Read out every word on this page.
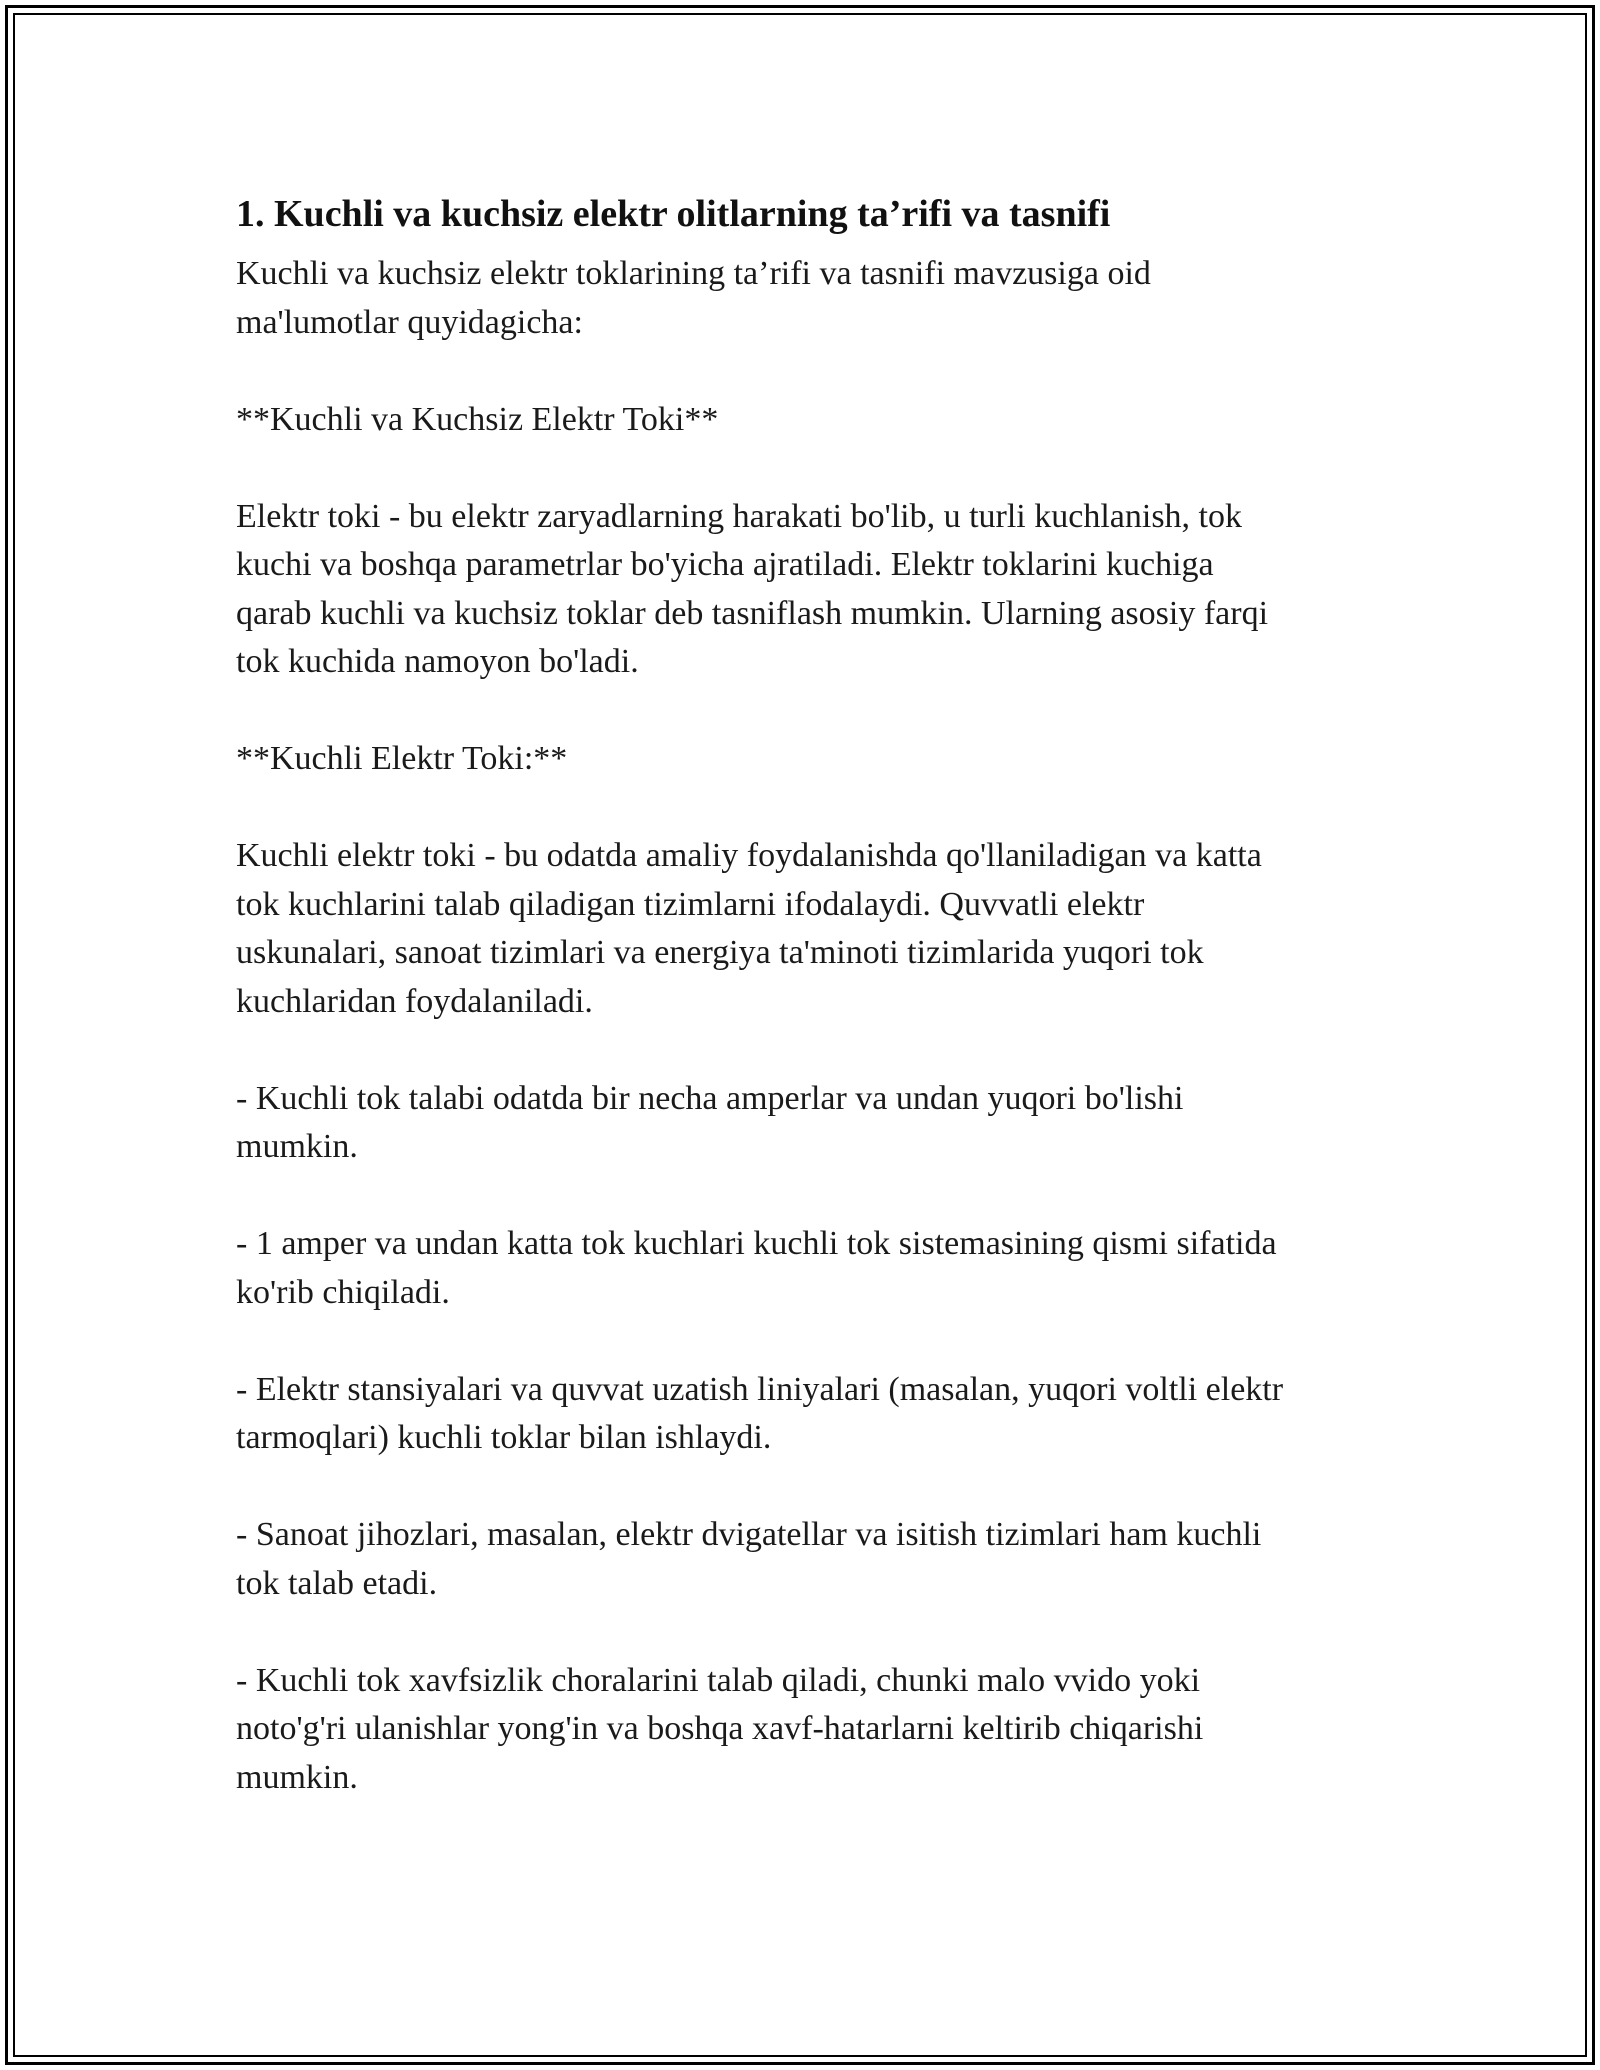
1. Kuchli va kuchsiz elektr olitlarning ta’rifi va tasnifi

Kuchli va kuchsiz elektr toklarining ta’rifi va tasnifi mavzusiga oid
ma'lumotlar quyidagicha:

**Kuchli va Kuchsiz Elektr Toki**

Elektr toki - bu elektr zaryadlarning harakati bo'lib, u turli kuchlanish, tok
kuchi va boshqa parametrlar bo'yicha ajratiladi. Elektr toklarini kuchiga
qarab kuchli va kuchsiz toklar deb tasniflash mumkin. Ularning asosiy farqi
tok kuchida namoyon bo'ladi.

**Kuchli Elektr Toki:**

Kuchli elektr toki - bu odatda amaliy foydalanishda qo'llaniladigan va katta
tok kuchlarini talab qiladigan tizimlarni ifodalaydi. Quvvatli elektr
uskunalari, sanoat tizimlari va energiya ta'minoti tizimlarida yuqori tok
kuchlaridan foydalaniladi.

- Kuchli tok talabi odatda bir necha amperlar va undan yuqori bo'lishi
mumkin.

- 1 amper va undan katta tok kuchlari kuchli tok sistemasining qismi sifatida
ko'rib chiqiladi.

- Elektr stansiyalari va quvvat uzatish liniyalari (masalan, yuqori voltli elektr
tarmoqlari) kuchli toklar bilan ishlaydi.

- Sanoat jihozlari, masalan, elektr dvigatellar va isitish tizimlari ham kuchli
tok talab etadi.

- Kuchli tok xavfsizlik choralarini talab qiladi, chunki malo vvido yoki
noto'g'ri ulanishlar yong'in va boshqa xavf-hatarlarni keltirib chiqarishi
mumkin.
